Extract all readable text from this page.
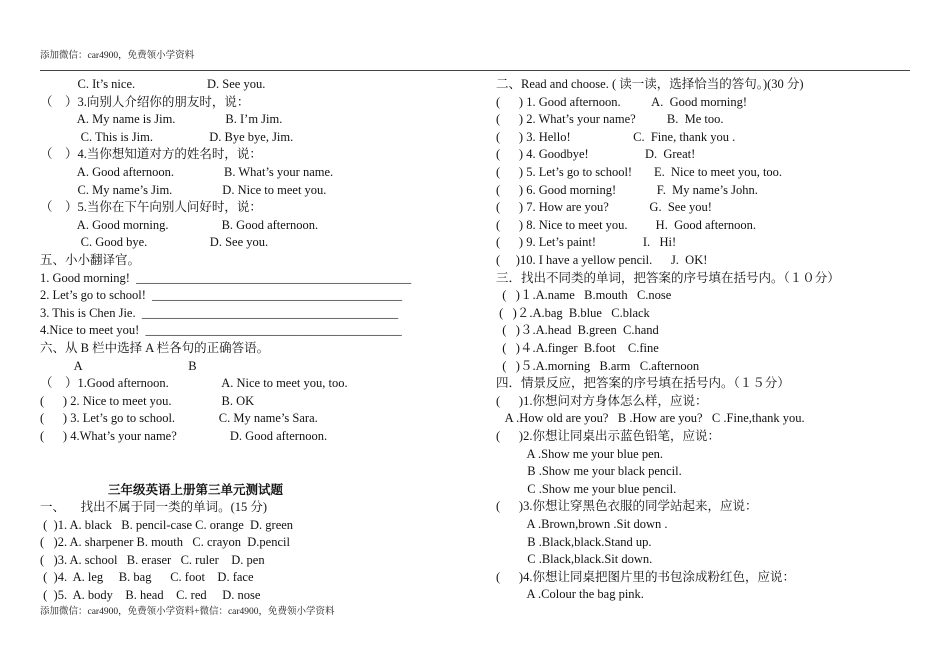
添加微信：car4900，免费领小学资料
C. It’s nice.                       D. See you.
（    ）3.向别人介绍你的朋友时，说：
A. My name is Jim.                B. I’m Jim.
C. This is Jim.                  D. Bye bye, Jim.
（    ）4.当你想知道对方的姓名时，说：
A. Good afternoon.                B. What’s your name.
C. My name’s Jim.                D. Nice to meet you.
（    ）5.当你在下午向别人问好时，说：
A. Good morning.                 B. Good afternoon.
C. Good bye.                    D. See you.
五、小小翻译官。
1. Good morning!  ____________________________________________
2. Let’s go to school!  ________________________________________
3. This is Chen Jie.  _________________________________________
4.Nice to meet you!  _________________________________________
六、从 B 栏中选择 A 栏各句的正确答语。
A                                  B
（    ）1.Good afternoon.                 A. Nice to meet you, too.
(      ) 2. Nice to meet you.                B. OK
(      ) 3. Let’s go to school.              C. My name’s Sara.
(      ) 4.What’s your name?                 D. Good afternoon.
三年级英语上册第三单元测试题
一、     找出不属于同一类的单词。(15 分)
(  )1. A. black   B. pencil-case C. orange  D. green
(   )2. A. sharpener B. mouth   C. crayon  D.pencil
(   )3. A. school   B. eraser   C. ruler    D. pen
(  )4.  A. leg     B. bag      C. foot    D. face
(  )5.  A. body    B. head    C. red     D. nose
二、Read and choose. ( 读一读，选择恰当的答句。)(30 分)
(      ) 1. Good afternoon.          A.  Good morning!
(      ) 2. What’s your name?          B.  Me too.
(      ) 3. Hello!                    C.  Fine, thank you .
(      ) 4. Goodbye!                  D.  Great!
(      ) 5. Let’s go to school!       E.  Nice to meet you, too.
(      ) 6. Good morning!             F.  My name’s John.
(      ) 7. How are you?             G.  See you!
(      ) 8. Nice to meet you.         H.  Good afternoon.
(      ) 9. Let’s paint!               I.   Hi!
(     )10. I have a yellow pencil.      J.  OK!
三．找出不同类的单词，把答案的序号填在括号内。（１０分）
(   )１.A.name   B.mouth   C.nose
(   )２.A.bag  B.blue   C.black
(   )３.A.head  B.green  C.hand
(   )４.A.finger  B.foot    C.fine
(   )５.A.morning   B.arm   C.afternoon
四．情景反应，把答案的序号填在括号内。（１５分）
(      )1.你想问对方身体怎么样，应说：
A .How old are you?   B .How are you?   C .Fine,thank you.
(      )2.你想让同桌出示蓝色铅笔，应说：
A .Show me your blue pen.
B .Show me your black pencil.
C .Show me your blue pencil.
(      )3.你想让穿黑色衣服的同学站起来，应说：
A .Brown,brown .Sit down .
B .Black,black.Stand up.
C .Black,black.Sit down.
(      )4.你想让同桌把图片里的书包涂成粉红色，应说：
A .Colour the bag pink.
添加微信：car4900，免费领小学资料+微信：car4900，免费领小学资料
